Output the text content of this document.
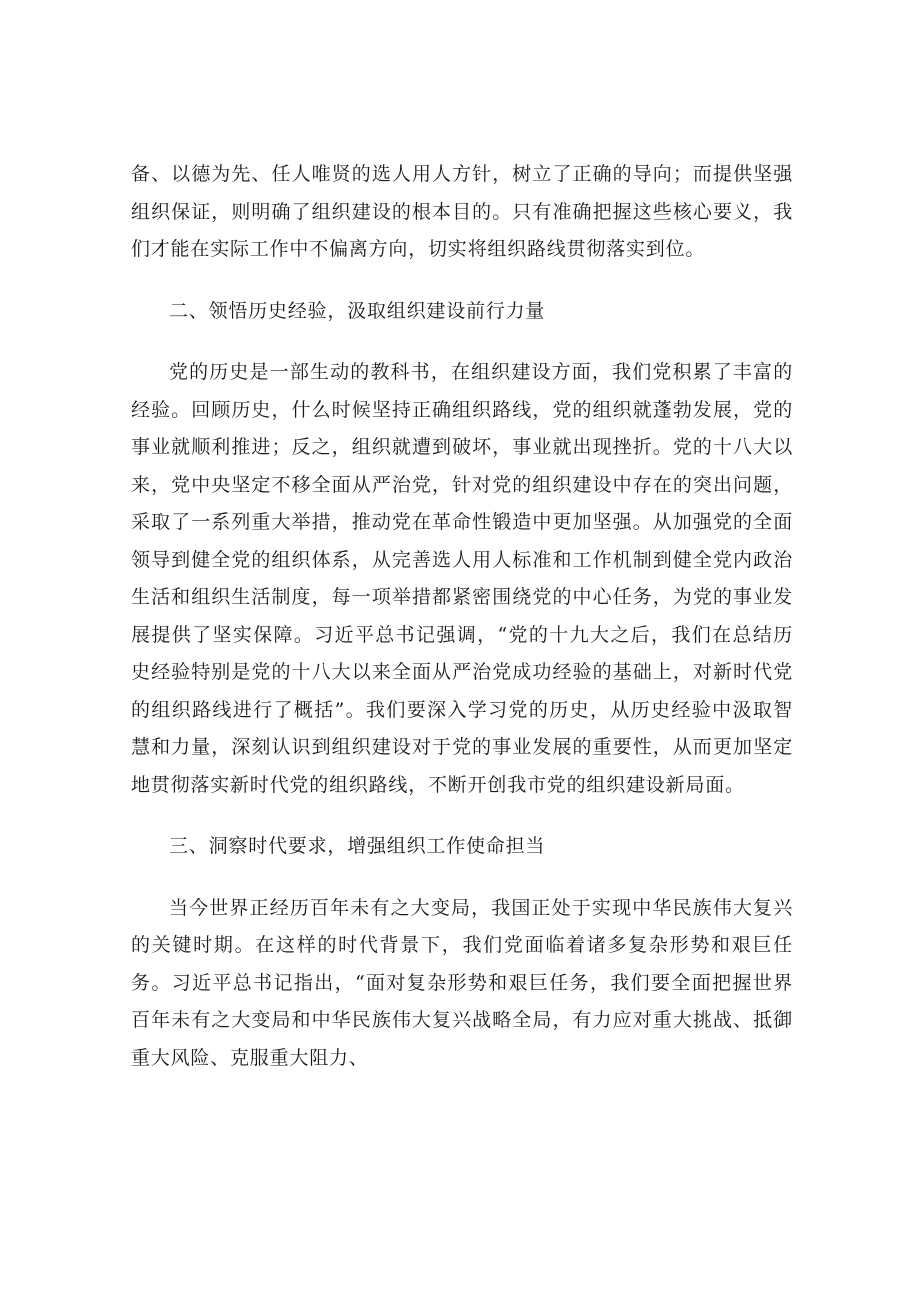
备、以德为先、任人唯贤的选人用人方针，树立了正确的导向；而提供坚强组织保证，则明确了组织建设的根本目的。只有准确把握这些核心要义，我们才能在实际工作中不偏离方向，切实将组织路线贯彻落实到位。

二、领悟历史经验，汲取组织建设前行力量

党的历史是一部生动的教科书，在组织建设方面，我们党积累了丰富的经验。回顾历史，什么时候坚持正确组织路线，党的组织就蓬勃发展，党的事业就顺利推进；反之，组织就遭到破坏，事业就出现挫折。党的十八大以来，党中央坚定不移全面从严治党，针对党的组织建设中存在的突出问题，采取了一系列重大举措，推动党在革命性锻造中更加坚强。从加强党的全面领导到健全党的组织体系，从完善选人用人标准和工作机制到健全党内政治生活和组织生活制度，每一项举措都紧密围绕党的中心任务，为党的事业发展提供了坚实保障。习近平总书记强调，“党的十九大之后，我们在总结历史经验特别是党的十八大以来全面从严治党成功经验的基础上，对新时代党的组织路线进行了概括”。我们要深入学习党的历史，从历史经验中汲取智慧和力量，深刻认识到组织建设对于党的事业发展的重要性，从而更加坚定地贯彻落实新时代党的组织路线，不断开创我市党的组织建设新局面。

三、洞察时代要求，增强组织工作使命担当

当今世界正经历百年未有之大变局，我国正处于实现中华民族伟大复兴的关键时期。在这样的时代背景下，我们党面临着诸多复杂形势和艰巨任务。习近平总书记指出，“面对复杂形势和艰巨任务，我们要全面把握世界百年未有之大变局和中华民族伟大复兴战略全局，有力应对重大挑战、抵御重大风险、克服重大阻力、
